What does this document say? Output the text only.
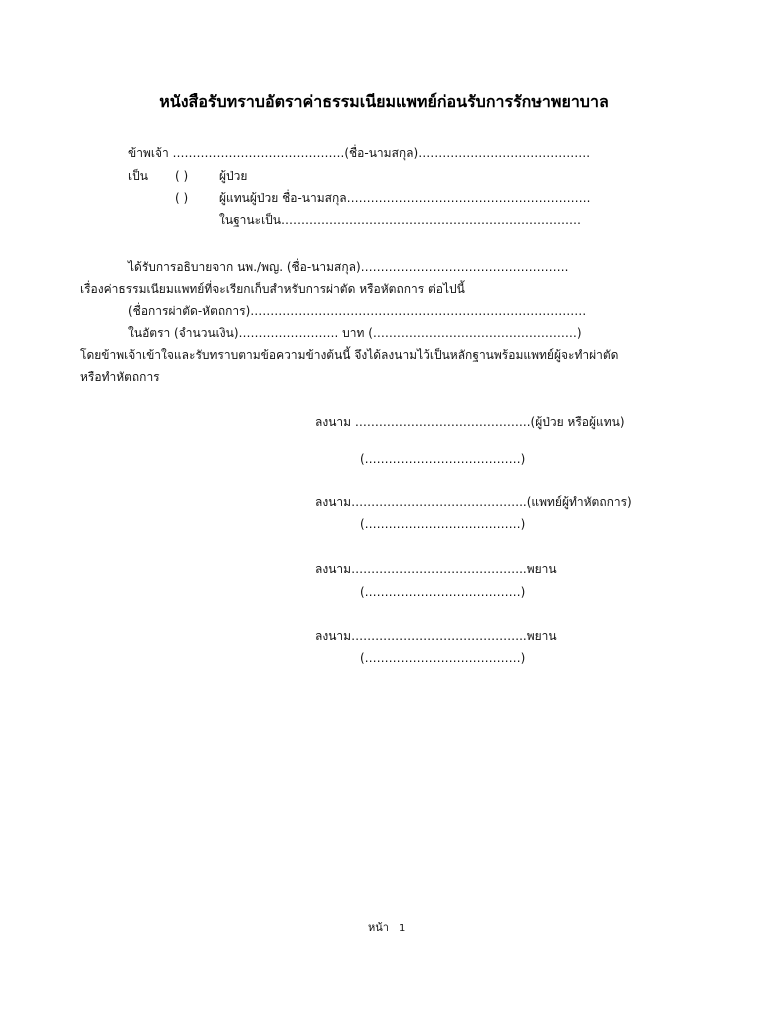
หนังสือรับทราบอัตราค่าธรรมเนียมแพทย์ก่อนรับการรักษาพยาบาล
ข้าพเจ้า …………………………………….(ชื่อ-นามสกุล)…………………………………….
เป็น ( )	ผู้ป่วย
( )	ผู้แทนผู้ป่วย ชื่อ-นามสกุล…………………………………………………….
ในฐานะเป็น…………………………………………………………………
ได้รับการอธิบายจาก นพ./พญ. (ชื่อ-นามสกุล)…………………………………………….
เรื่องค่าธรรมเนียมแพทย์ที่จะเรียกเก็บสำหรับการผ่าตัด หรือหัตถการ ต่อไปนี้
(ชื่อการผ่าตัด-หัตถการ)…………………………………………………………………………
ในอัตรา (จำนวนเงิน)……………………. บาท (……………………………………………)
โดยข้าพเจ้าเข้าใจและรับทราบตามข้อความข้างต้นนี้ จึงได้ลงนามไว้เป็นหลักฐานพร้อมแพทย์ผู้จะทำผ่าตัด
หรือทำหัตถการ
ลงนาม ……………………………………..(ผู้ป่วย หรือผู้แทน)
(…………………………………)
ลงนาม……………………………………..(แพทย์ผู้ทำหัตถการ)
(…………………………………)
ลงนาม……………………………………..พยาน
(…………………………………)
ลงนาม……………………………………..พยาน
(…………………………………)
หน้า 1
